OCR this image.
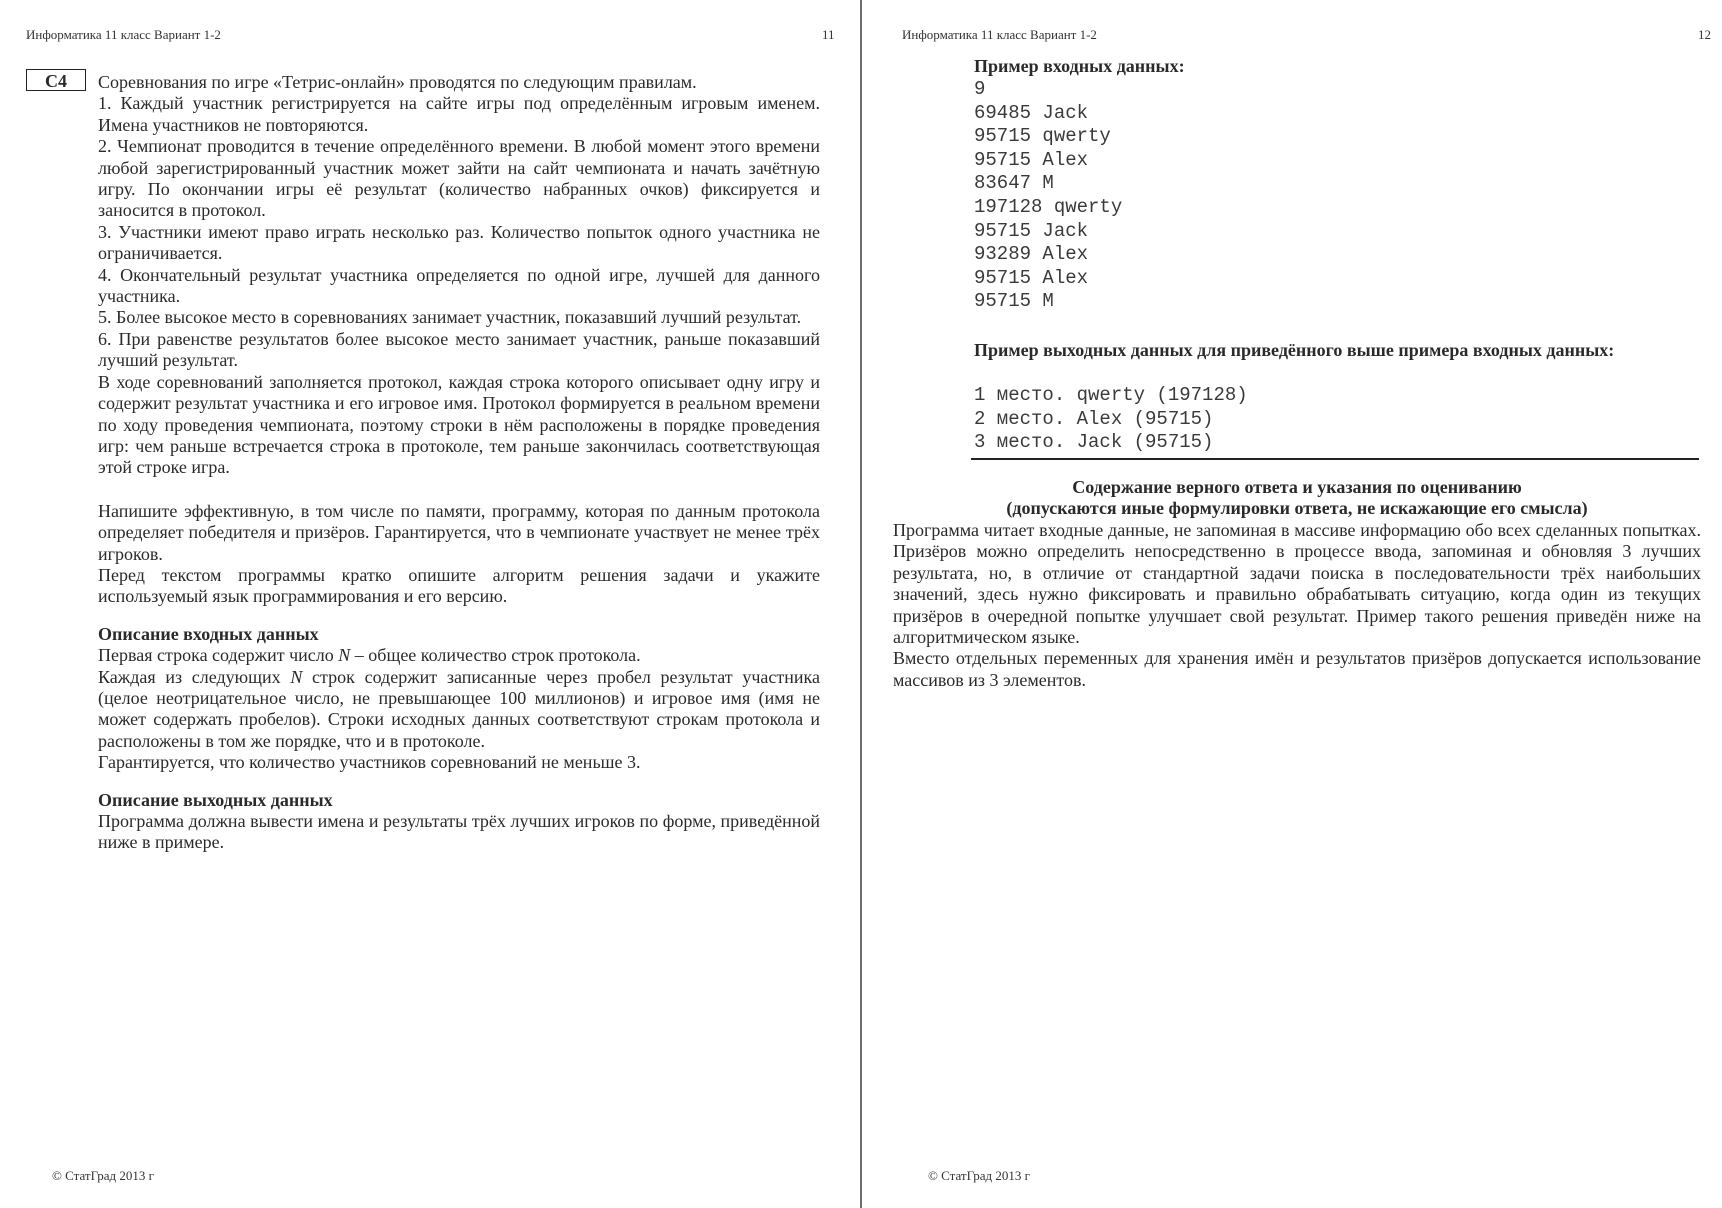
Информатика 11 класс Вариант 1-2	11
C4	Соревнования по игре «Тетрис-онлайн» проводятся по следующим правилам.

1. Каждый участник регистрируется на сайте игры под определённым игровым именем. Имена участников не повторяются.

2. Чемпионат проводится в течение определённого времени. В любой момент этого времени любой зарегистрированный участник может зайти на сайт чемпионата и начать зачётную игру. По окончании игры её результат (количество набранных очков) фиксируется и заносится в протокол.

3. Участники имеют право играть несколько раз. Количество попыток одного участника не ограничивается.

4. Окончательный результат участника определяется по одной игре, лучшей для данного участника.

5. Более высокое место в соревнованиях занимает участник, показавший лучший результат.

6. При равенстве результатов более высокое место занимает участник, раньше показавший лучший результат.

В ходе соревнований заполняется протокол, каждая строка которого описывает одну игру и содержит результат участника и его игровое имя. Протокол формируется в реальном времени по ходу проведения чемпионата, поэтому строки в нём расположены в порядке проведения игр: чем раньше встречается строка в протоколе, тем раньше закончилась соответствующая этой строке игра.

Напишите эффективную, в том числе по памяти, программу, которая по данным протокола определяет победителя и призёров. Гарантируется, что в чемпионате участвует не менее трёх игроков.

Перед текстом программы кратко опишите алгоритм решения задачи и укажите используемый язык программирования и его версию.

Описание входных данных

Первая строка содержит число N – общее количество строк протокола.

Каждая из следующих N строк содержит записанные через пробел результат участника (целое неотрицательное число, не превышающее 100 миллионов) и игровое имя (имя не может содержать пробелов). Строки исходных данных соответствуют строкам протокола и расположены в том же порядке, что и в протоколе.

Гарантируется, что количество участников соревнований не меньше 3.

Описание выходных данных

Программа должна вывести имена и результаты трёх лучших игроков по форме, приведённой ниже в примере.

© СтатГрад 2013 г
Информатика 11 класс Вариант 1-2	12
© СтатГрад 2013 г
Пример входных данных:
9
69485 Jack
95715 qwerty
95715 Alex
83647 M
197128 qwerty
95715 Jack
93289 Alex
95715 Alex
95715 M
Пример выходных данных для приведённого выше примера входных данных:
1 место. qwerty (197128)
2 место. Alex (95715)
3 место. Jack (95715)
Содержание верного ответа и указания по оцениванию
(допускаются иные формулировки ответа, не искажающие его смысла)

Программа читает входные данные, не запоминая в массиве информацию обо всех сделанных попытках. Призёров можно определить непосредственно в процессе ввода, запоминая и обновляя 3 лучших результата, но, в отличие от стандартной задачи поиска в последовательности трёх наибольших значений, здесь нужно фиксировать и правильно обрабатывать ситуацию, когда один из текущих призёров в очередной попытке улучшает свой результат. Пример такого решения приведён ниже на алгоритмическом языке.

Вместо отдельных переменных для хранения имён и результатов призёров допускается использование массивов из 3 элементов.
